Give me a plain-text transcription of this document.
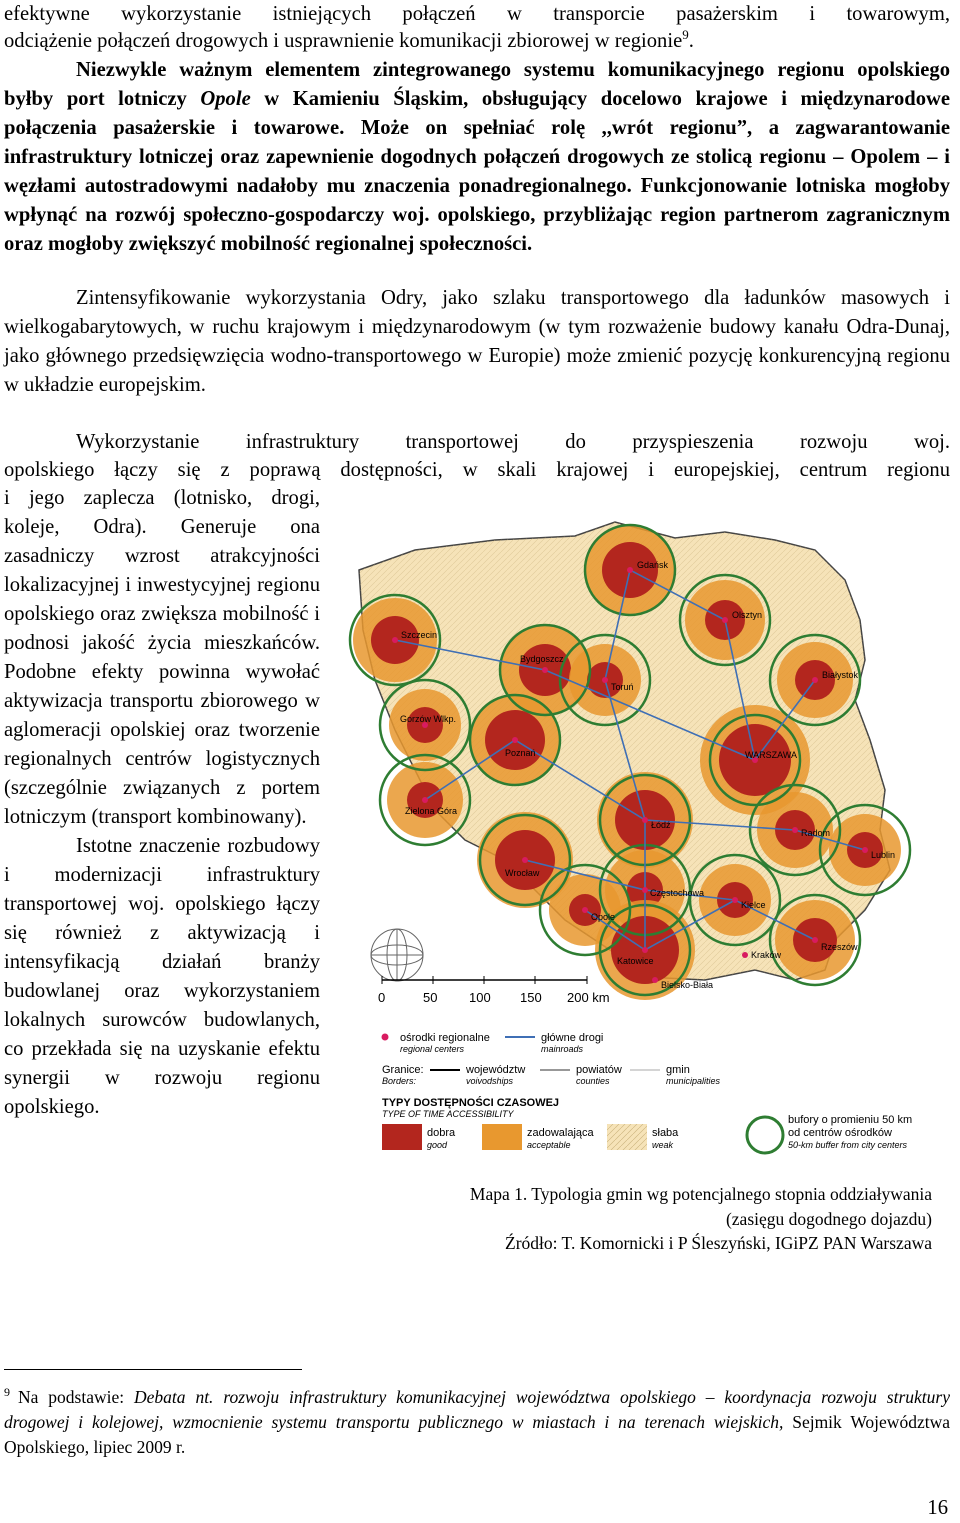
efektywne wykorzystanie istniejących połączeń w transporcie pasażerskim i towarowym,

odciążenie połączeń drogowych i usprawnienie komunikacji zbiorowej w regionie$^9$.

Niezwykle ważnym elementem zintegrowanego systemu komunikacyjnego regionu opolskiego byłby port lotniczy Opole w Kamieniu Śląskim, obsługujący docelowo krajowe i międzynarodowe połączenia pasażerskie i towarowe. Może on spełniać rolę ,,wrót regionu”, a zagwarantowanie infrastruktury lotniczej oraz zapewnienie dogodnych połączeń drogowych ze stolicą regionu – Opolem – i węzłami autostradowymi nadałoby mu znaczenia ponadregionalnego. Funkcjonowanie lotniska mogłoby wpłynąć na rozwój społeczno-gospodarczy woj. opolskiego, przybliżając region partnerom zagranicznym oraz mogłoby zwiększyć mobilność regionalnej społeczności.

Zintensyfikowanie wykorzystania Odry, jako szlaku transportowego dla ładunków masowych i wielkogabarytowych, w ruchu krajowym i międzynarodowym (w tym rozważenie budowy kanału Odra-Dunaj, jako głównego przedsięwzięcia wodno-transportowego w Europie) może zmienić pozycję konkurencyjną regionu w układzie europejskim.

Wykorzystanie infrastruktury transportowej do przyspieszenia rozwoju woj.

opolskiego łączy się z poprawą dostępności, w skali krajowej i europejskiej, centrum regionu

i jego zaplecza (lotnisko, drogi, koleje, Odra). Generuje ona zasadniczy wzrost atrakcyjności lokalizacyjnej i inwestycyjnej regionu opolskiego oraz zwiększa mobilność i podnosi jakość życia mieszkańców. Podobne efekty powinna wywołać aktywizacja transportu zbiorowego w aglomeracji opolskiej oraz tworzenie regionalnych centrów logistycznych (szczególnie związanych z portem lotniczym (transport kombinowany).

Istotne znaczenie rozbudowy i modernizacji infrastruktury transportowej woj. opolskiego łączy się również z aktywizacją i intensyfikacją działań branży budowlanej oraz wykorzystaniem lokalnych surowców budowlanych, co przekłada się na uzyskanie efektu synergii w rozwoju regionu opolskiego.

Gdańsk
Olsztyn
Szczecin
Bydgoszcz
Toruń
Białystok
Gorzów Wlkp.
Poznań	WARSZAWA
Zielona Góra
Łódź
Radom
Lublin
Wrocław
Częstochowa
Kielce
Opole
Katowice
Kraków
Rzeszów
Bielsko-Biała
0	50 100 150 200 km
ośrodki regionalne
regional centers
główne drogi
mainroads
Granice:
Borders:
województw
voivodships
powiatów
counties
gmin
municipalities
TYPY DOSTĘPNOŚCI CZASOWEJ
TYPE OF TIME ACCESSIBILITY
dobra
good
zadowalająca
acceptable
słaba
weak
bufory o promieniu 50 km
od centrów ośrodków
50-km buffer from city centers
Mapa 1. Typologia gmin wg potencjalnego stopnia oddziaływania
(zasięgu dogodnego dojazdu)
Źródło: T. Komornicki i P Śleszyński, IGiPZ PAN Warszawa
$^9$ Na podstawie: Debata nt. rozwoju infrastruktury komunikacyjnej województwa opolskiego – koordynacja rozwoju struktury drogowej i kolejowej, wzmocnienie systemu transportu publicznego w miastach i na terenach wiejskich, Sejmik Województwa Opolskiego, lipiec 2009 r.
16
